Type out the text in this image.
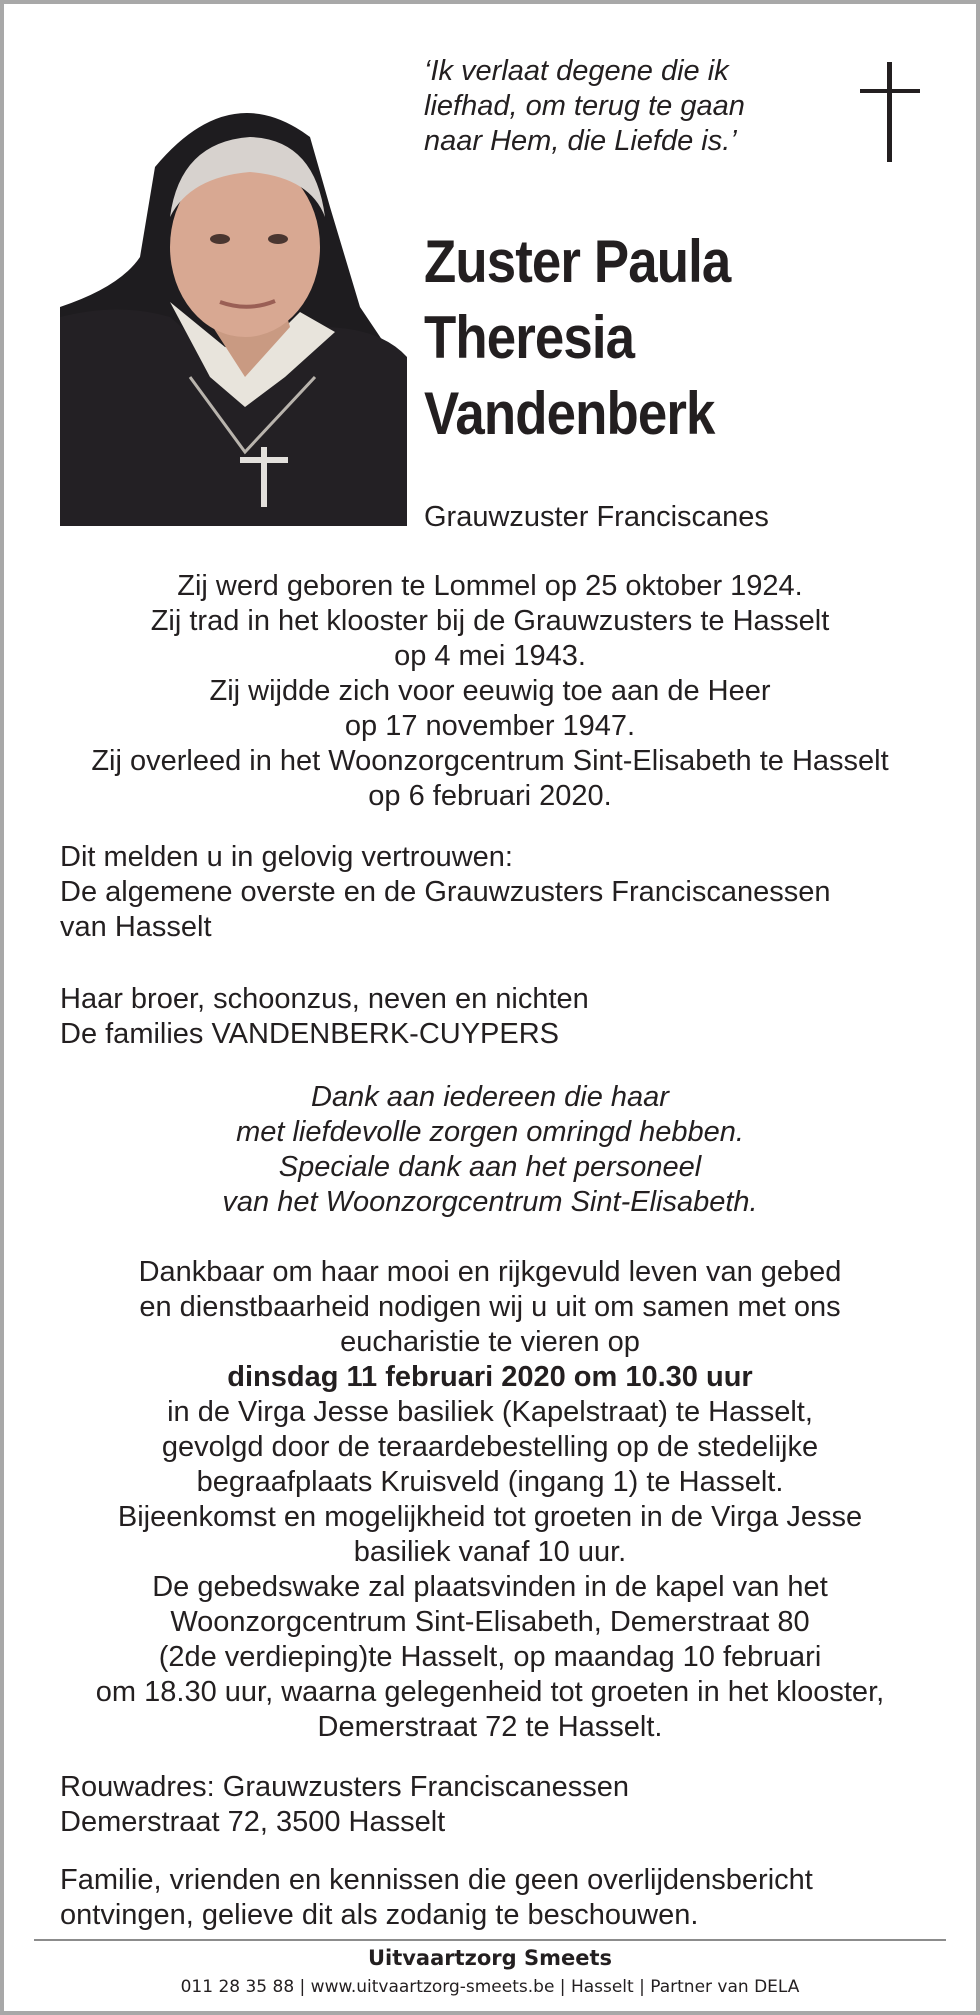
‘Ik verlaat degene die ik
liefhad, om terug te gaan
naar Hem, die Liefde is.’
Zuster Paula
Theresia
Vandenberk
Grauwzuster Franciscanes
Zij werd geboren te Lommel op 25 oktober 1924.
Zij trad in het klooster bij de Grauwzusters te Hasselt
op 4 mei 1943.
Zij wijdde zich voor eeuwig toe aan de Heer
op 17 november 1947.
Zij overleed in het Woonzorgcentrum Sint-Elisabeth te Hasselt
op 6 februari 2020.
Dit melden u in gelovig vertrouwen:
De algemene overste en de Grauwzusters Franciscanessen
van Hasselt
Haar broer, schoonzus, neven en nichten
De families VANDENBERK-CUYPERS
Dank aan iedereen die haar
met liefdevolle zorgen omringd hebben.
Speciale dank aan het personeel
van het Woonzorgcentrum Sint-Elisabeth.
Dankbaar om haar mooi en rijkgevuld leven van gebed
en dienstbaarheid nodigen wij u uit om samen met ons
eucharistie te vieren op
dinsdag 11 februari 2020 om 10.30 uur
in de Virga Jesse basiliek (Kapelstraat) te Hasselt,
gevolgd door de teraardebestelling op de stedelijke
begraafplaats Kruisveld (ingang 1) te Hasselt.
Bijeenkomst en mogelijkheid tot groeten in de Virga Jesse
basiliek vanaf 10 uur.
De gebedswake zal plaatsvinden in de kapel van het
Woonzorgcentrum Sint-Elisabeth, Demerstraat 80
(2de verdieping)te Hasselt, op maandag 10 februari
om 18.30 uur, waarna gelegenheid tot groeten in het klooster,
Demerstraat 72 te Hasselt.
Rouwadres: Grauwzusters Franciscanessen
Demerstraat 72, 3500 Hasselt
Familie, vrienden en kennissen die geen overlijdensbericht
ontvingen, gelieve dit als zodanig te beschouwen.
Uitvaartzorg Smeets
011 28 35 88 | www.uitvaartzorg-smeets.be | Hasselt | Partner van DELA
